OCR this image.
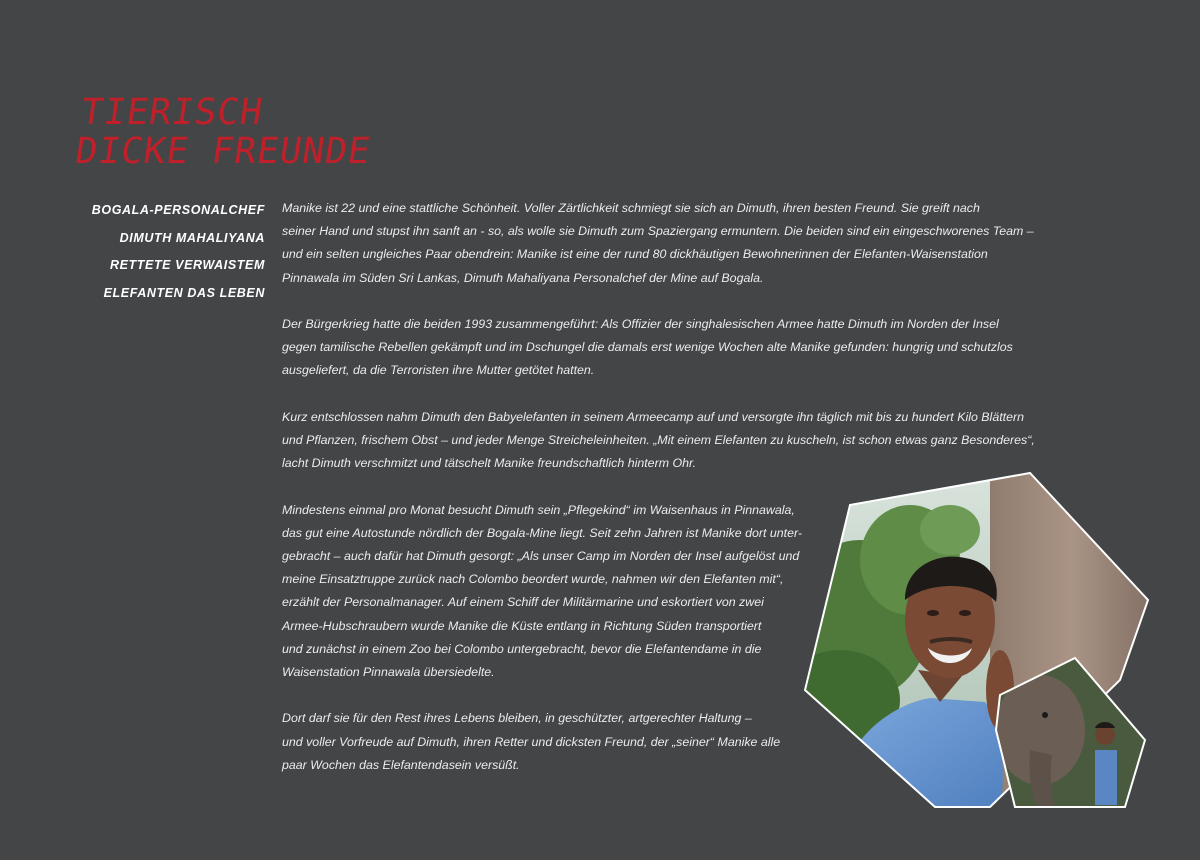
TIERISCH
DICKE FREUNDE
BOGALA-PERSONALCHEF
DIMUTH MAHALIYANA
RETTETE VERWAISTEM
ELEFANTEN DAS LEBEN

Manike ist 22 und eine stattliche Schönheit. Voller Zärtlichkeit schmiegt sie sich an Dimuth, ihren besten Freund. Sie greift nach
seiner Hand und stupst ihn sanft an - so, als wolle sie Dimuth zum Spaziergang ermuntern. Die beiden sind ein eingeschworenes Team –
und ein selten ungleiches Paar obendrein: Manike ist eine der rund 80 dickhäutigen Bewohnerinnen der Elefanten-Waisenstation
Pinnawala im Süden Sri Lankas, Dimuth Mahaliyana Personalchef der Mine auf Bogala.

Der Bürgerkrieg hatte die beiden 1993 zusammengeführt: Als Offizier der singhalesischen Armee hatte Dimuth im Norden der Insel
gegen tamilische Rebellen gekämpft und im Dschungel die damals erst wenige Wochen alte Manike gefunden: hungrig und schutzlos
ausgeliefert, da die Terroristen ihre Mutter getötet hatten.

Kurz entschlossen nahm Dimuth den Babyelefanten in seinem Armeecamp auf und versorgte ihn täglich mit bis zu hundert Kilo Blättern
und Pflanzen, frischem Obst – und jeder Menge Streicheleinheiten. „Mit einem Elefanten zu kuscheln, ist schon etwas ganz Besonderes“,
lacht Dimuth verschmitzt und tätschelt Manike freundschaftlich hinterm Ohr.

Mindestens einmal pro Monat besucht Dimuth sein „Pflegekind“ im Waisenhaus in Pinnawala,
das gut eine Autostunde nördlich der Bogala-Mine liegt. Seit zehn Jahren ist Manike dort unter-
gebracht – auch dafür hat Dimuth gesorgt: „Als unser Camp im Norden der Insel aufgelöst und
meine Einsatztruppe zurück nach Colombo beordert wurde, nahmen wir den Elefanten mit“,
erzählt der Personalmanager. Auf einem Schiff der Militärmarine und eskortiert von zwei
Armee-Hubschraubern wurde Manike die Küste entlang in Richtung Süden transportiert
und zunächst in einem Zoo bei Colombo untergebracht, bevor die Elefantendame in die
Waisenstation Pinnawala übersiedelte.

Dort darf sie für den Rest ihres Lebens bleiben, in geschützter, artgerechter Haltung –
und voller Vorfreude auf Dimuth, ihren Retter und dicksten Freund, der „seiner“ Manike alle
paar Wochen das Elefantendasein versüßt.
